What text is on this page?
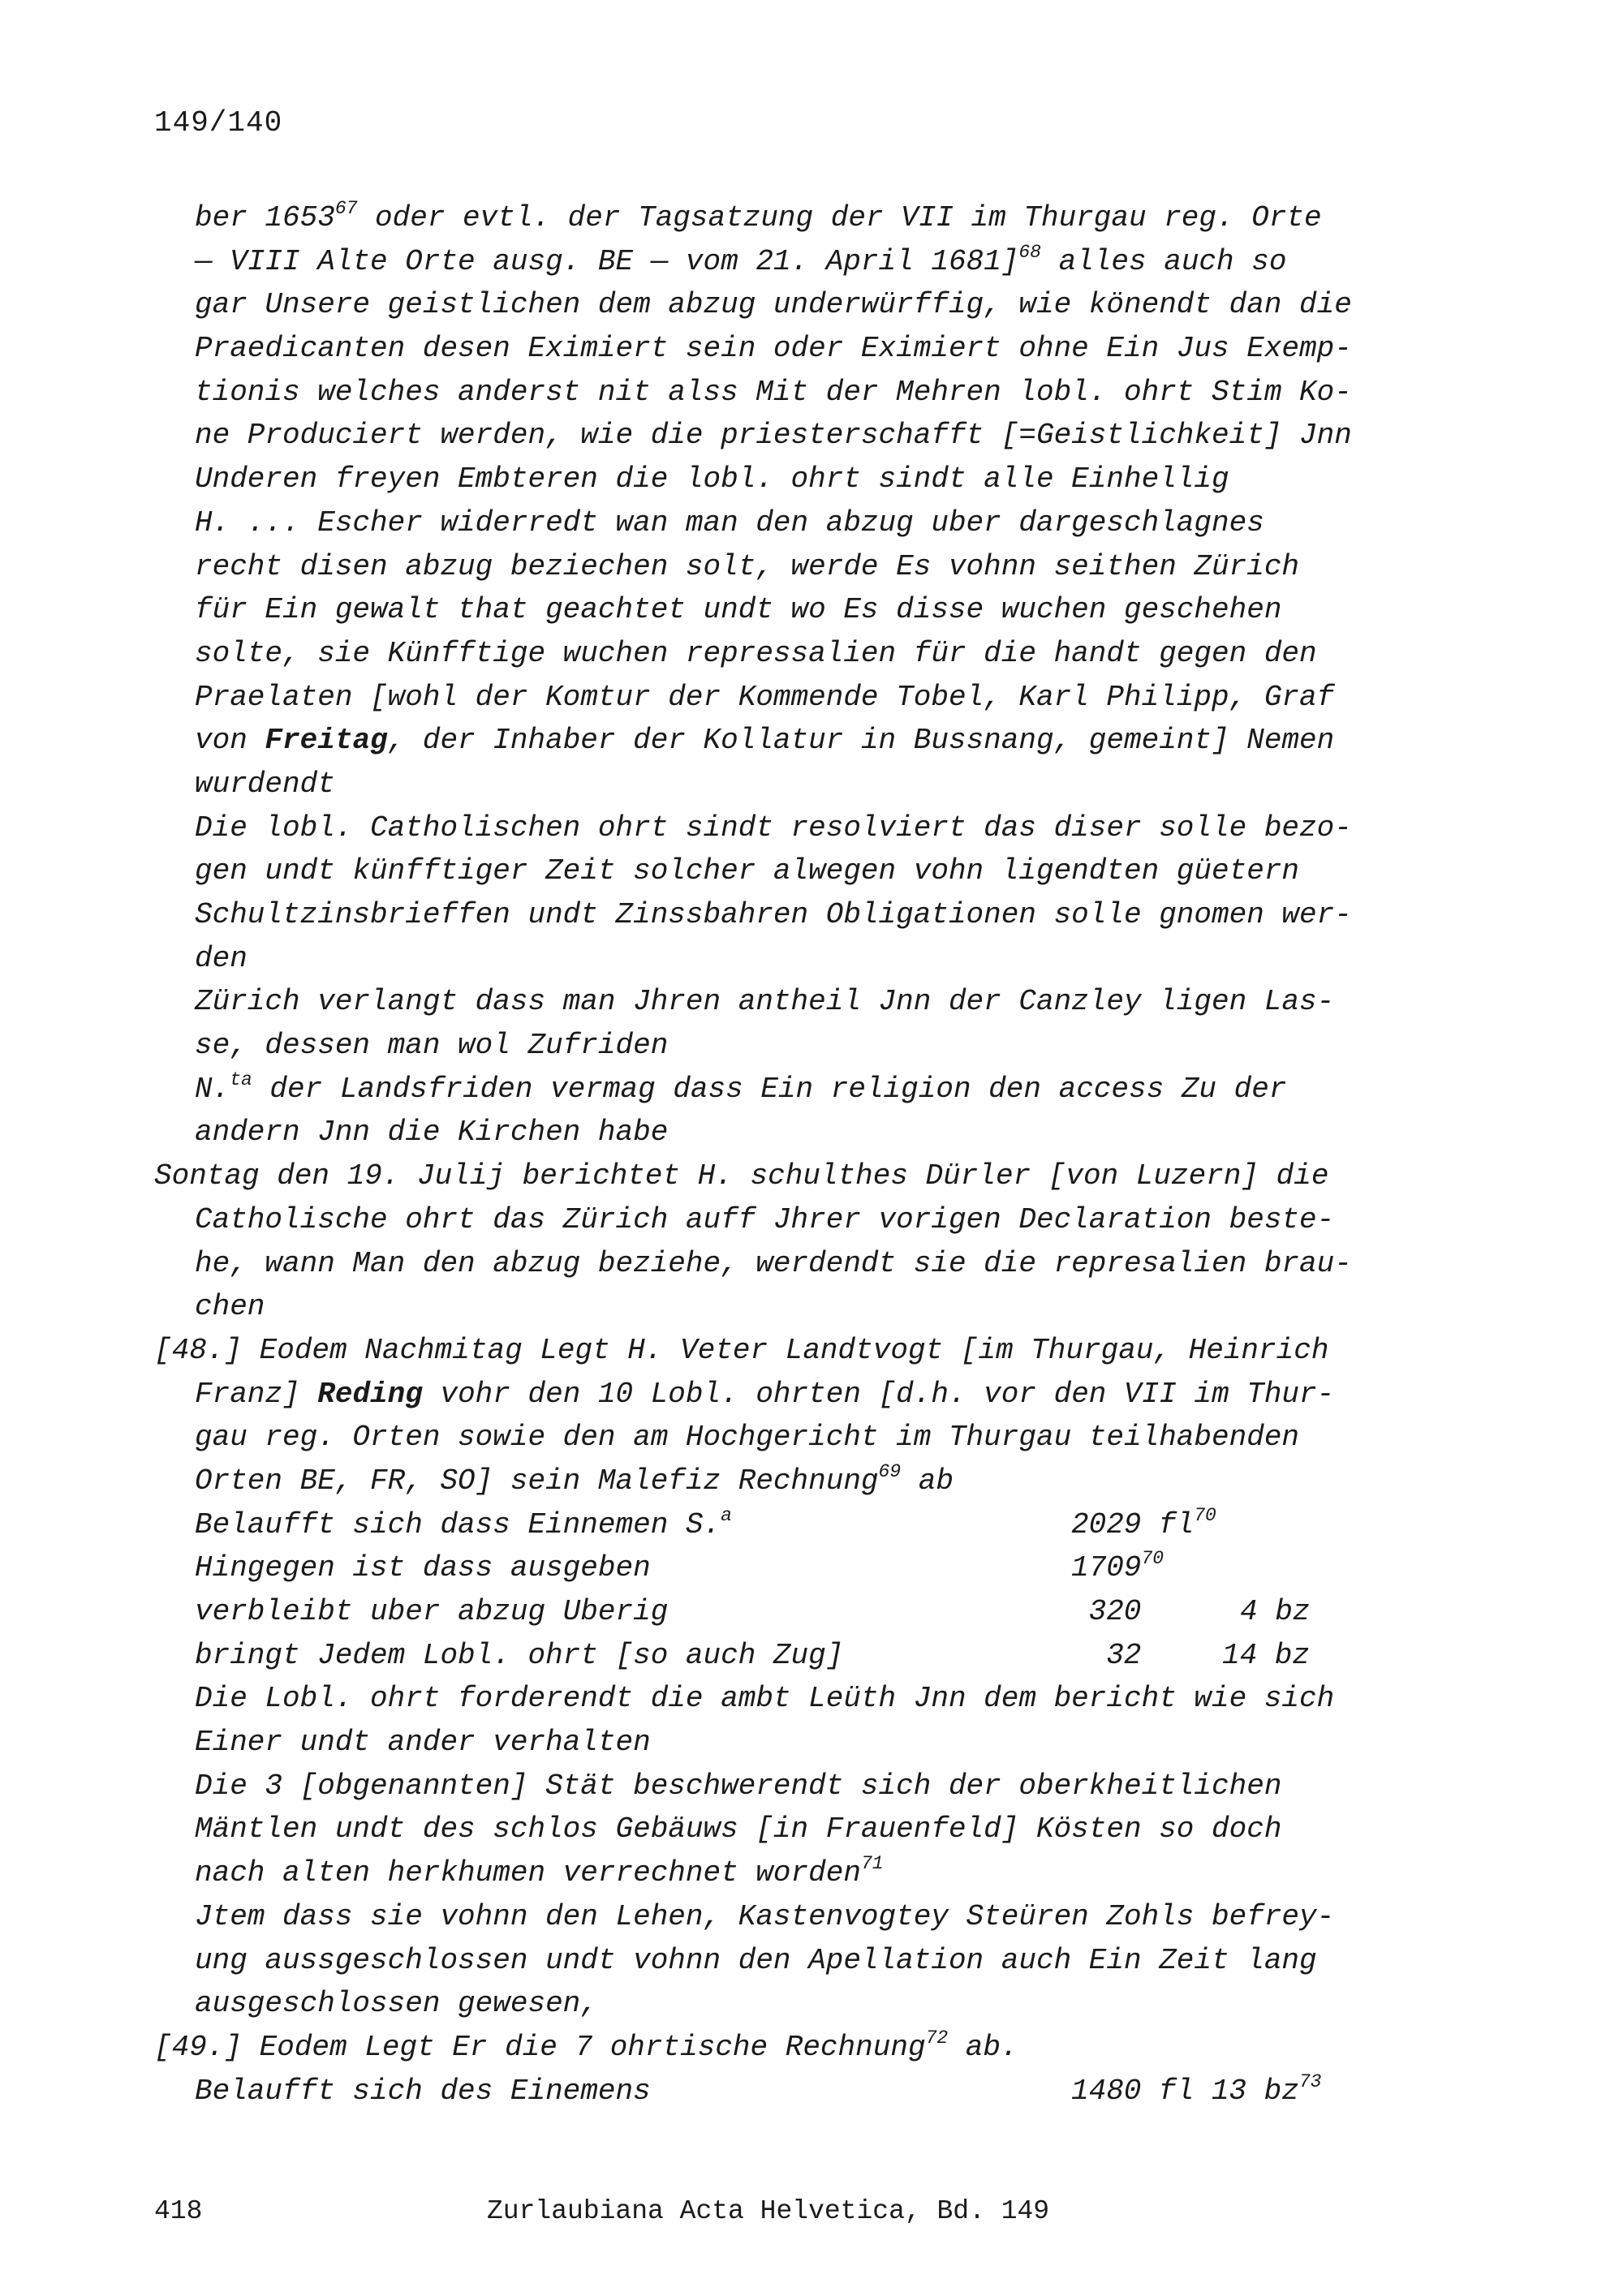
149/140
ber 1653$^{67}$ oder evtl. der Tagsatzung der VII im Thurgau reg. Orte
— VIII Alte Orte ausg. BE — vom 21. April 1681]$^{68}$ alles auch so
gar Unsere geistlichen dem abzug underwürffig, wie könendt dan die
Praedicanten desen Eximiert sein oder Eximiert ohne Ein Jus Exemp-
tionis welches anderst nit alss Mit der Mehren lobl. ohrt Stim Ko-
ne Produciert werden, wie die priesterschafft [=Geistlichkeit] Jnn
Underen freyen Embteren die lobl. ohrt sindt alle Einhellig
H. ... Escher widerredt wan man den abzug uber dargeschlagnes
recht disen abzug beziechen solt, werde Es vohnn seithen Zürich
für Ein gewalt that geachtet undt wo Es disse wuchen geschehen
solte, sie Künfftige wuchen repressalien für die handt gegen den
Praelaten [wohl der Komtur der Kommende Tobel, Karl Philipp, Graf
von Freitag, der Inhaber der Kollatur in Bussnang, gemeint] Nemen
wurdendt
Die lobl. Catholischen ohrt sindt resolviert das diser solle bezo-
gen undt künfftiger Zeit solcher alwegen vohn ligendten güetern
Schultzinsbrieffen undt Zinssbahren Obligationen solle gnomen wer-
den
Zürich verlangt dass man Jhren antheil Jnn der Canzley ligen Las-
se, dessen man wol Zufriden
N.$^{ta}$ der Landsfriden vermag dass Ein religion den access Zu der
andern Jnn die Kirchen habe
Sontag den 19. Julij berichtet H. schulthes Dürler [von Luzern] die
Catholische ohrt das Zürich auff Jhrer vorigen Declaration beste-
he, wann Man den abzug beziehe, werdendt sie die represalien brau-
chen
[48.] Eodem Nachmitag Legt H. Veter Landtvogt [im Thurgau, Heinrich
Franz] Reding vohr den 10 Lobl. ohrten [d.h. vor den VII im Thur-
gau reg. Orten sowie den am Hochgericht im Thurgau teilhabenden
Orten BE, FR, SO] sein Malefiz Rechnung$^{69}$ ab
Belaufft sich dass Einnemen S.$^a$	2029 $fl^{70}$
Hingegen ist dass ausgeben	1709$^{70}$
verbleibt uber abzug Uberig	320	4 bz
bringt Jedem Lobl. ohrt [so auch Zug]	32	14 bz
Die Lobl. ohrt forderendt die ambt Leüth Jnn dem bericht wie sich
Einer undt ander verhalten
Die 3 [obgenannten] Stät beschwerendt sich der oberkheitlichen
Mäntlen undt des schlos Gebäuws [in Frauenfeld] Kösten so doch
nach alten herkhumen verrechnet worden$^{71}$
Jtem dass sie vohnn den Lehen, Kastenvogtey Steüren Zohls befrey-
ung aussgeschlossen undt vohnn den Apellation auch Ein Zeit lang
ausgeschlossen gewesen,
[49.] Eodem Legt Er die 7 ohrtische Rechnung$^{72}$ ab.
Belaufft sich des Einemens	1480 fl 13 $bz^{73}$
418	Zurlaubiana Acta Helvetica, Bd. 149
